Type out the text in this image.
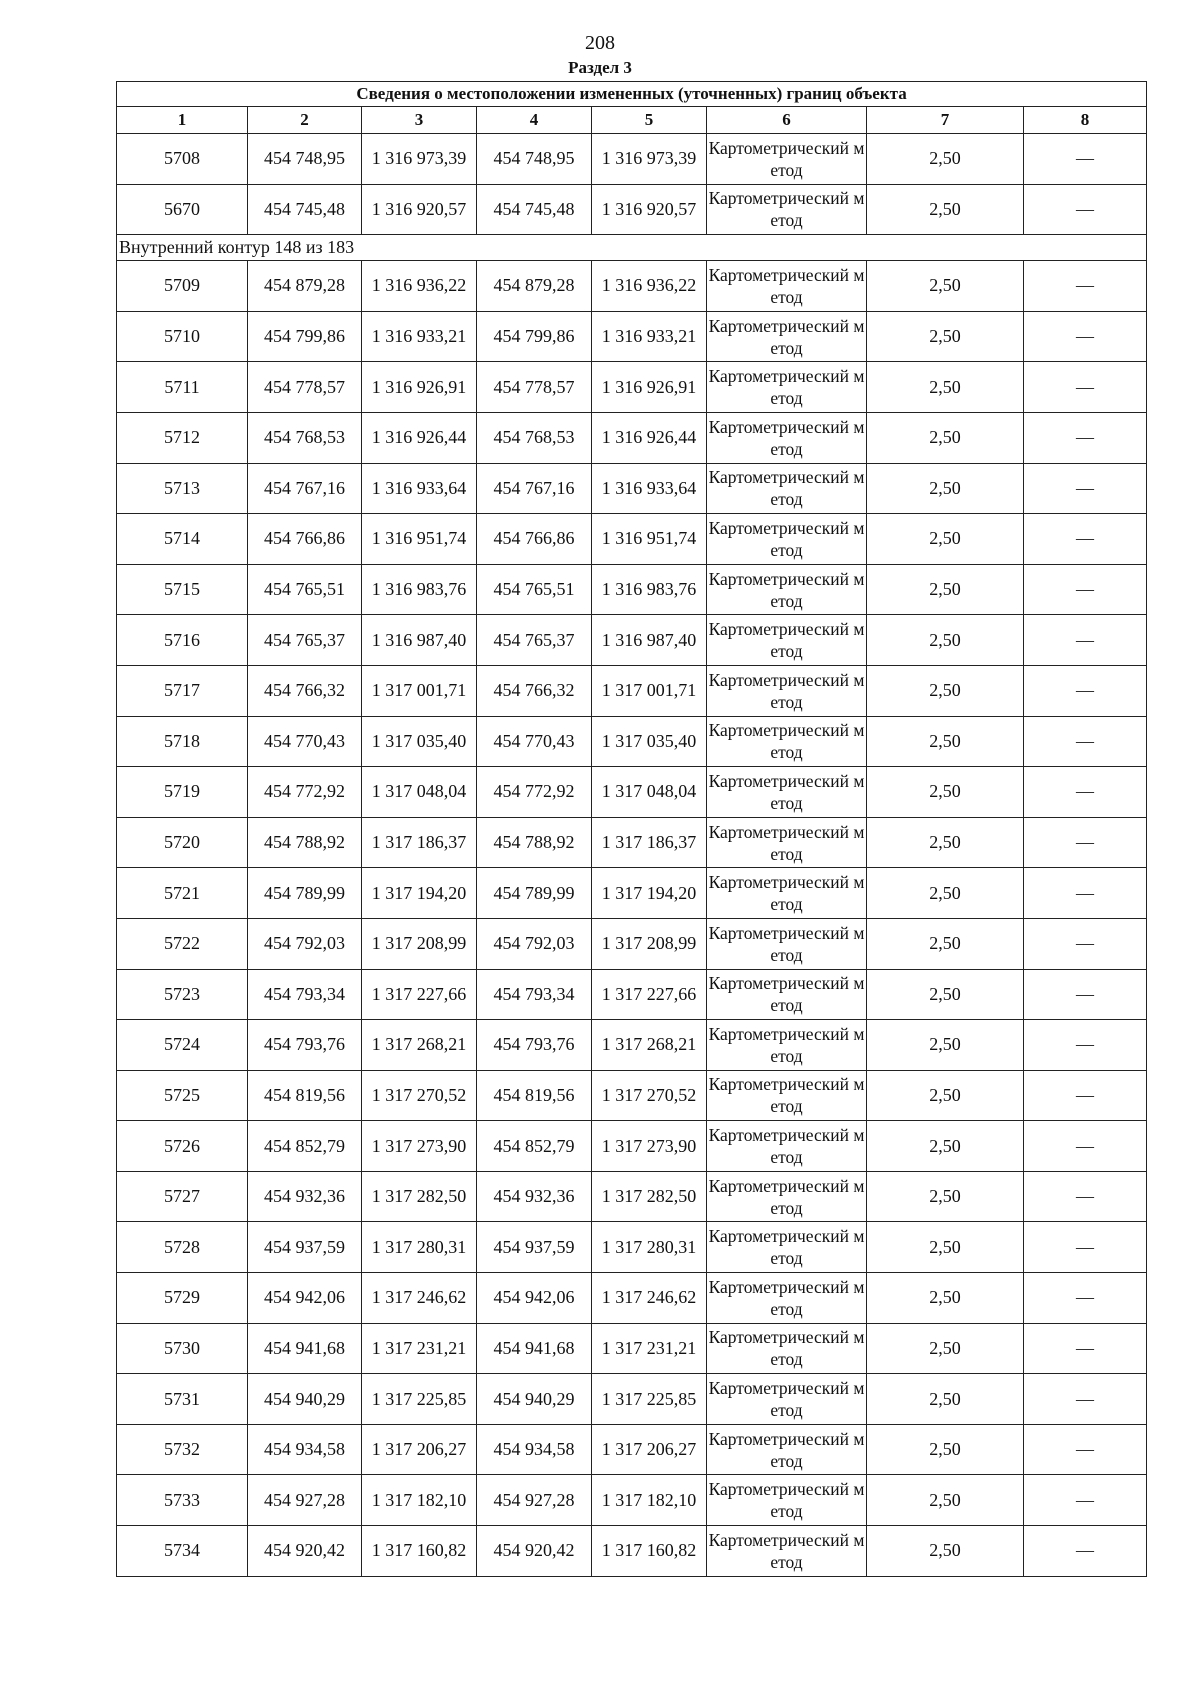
208
Раздел 3
Сведения о местоположении измененных (уточненных) границ объекта							
1	2	3	4	5	6	7	8
5708	454 748,95	1 316 973,39	454 748,95	1 316 973,39	Картометрический метод	2,50	—
5670	454 745,48	1 316 920,57	454 745,48	1 316 920,57	Картометрический метод	2,50	—
Внутренний контур 148 из 183							
5709	454 879,28	1 316 936,22	454 879,28	1 316 936,22	Картометрический метод	2,50	—
5710	454 799,86	1 316 933,21	454 799,86	1 316 933,21	Картометрический метод	2,50	—
5711	454 778,57	1 316 926,91	454 778,57	1 316 926,91	Картометрический метод	2,50	—
5712	454 768,53	1 316 926,44	454 768,53	1 316 926,44	Картометрический метод	2,50	—
5713	454 767,16	1 316 933,64	454 767,16	1 316 933,64	Картометрический метод	2,50	—
5714	454 766,86	1 316 951,74	454 766,86	1 316 951,74	Картометрический метод	2,50	—
5715	454 765,51	1 316 983,76	454 765,51	1 316 983,76	Картометрический метод	2,50	—
5716	454 765,37	1 316 987,40	454 765,37	1 316 987,40	Картометрический метод	2,50	—
5717	454 766,32	1 317 001,71	454 766,32	1 317 001,71	Картометрический метод	2,50	—
5718	454 770,43	1 317 035,40	454 770,43	1 317 035,40	Картометрический метод	2,50	—
5719	454 772,92	1 317 048,04	454 772,92	1 317 048,04	Картометрический метод	2,50	—
5720	454 788,92	1 317 186,37	454 788,92	1 317 186,37	Картометрический метод	2,50	—
5721	454 789,99	1 317 194,20	454 789,99	1 317 194,20	Картометрический метод	2,50	—
5722	454 792,03	1 317 208,99	454 792,03	1 317 208,99	Картометрический метод	2,50	—
5723	454 793,34	1 317 227,66	454 793,34	1 317 227,66	Картометрический метод	2,50	—
5724	454 793,76	1 317 268,21	454 793,76	1 317 268,21	Картометрический метод	2,50	—
5725	454 819,56	1 317 270,52	454 819,56	1 317 270,52	Картометрический метод	2,50	—
5726	454 852,79	1 317 273,90	454 852,79	1 317 273,90	Картометрический метод	2,50	—
5727	454 932,36	1 317 282,50	454 932,36	1 317 282,50	Картометрический метод	2,50	—
5728	454 937,59	1 317 280,31	454 937,59	1 317 280,31	Картометрический метод	2,50	—
5729	454 942,06	1 317 246,62	454 942,06	1 317 246,62	Картометрический метод	2,50	—
5730	454 941,68	1 317 231,21	454 941,68	1 317 231,21	Картометрический метод	2,50	—
5731	454 940,29	1 317 225,85	454 940,29	1 317 225,85	Картометрический метод	2,50	—
5732	454 934,58	1 317 206,27	454 934,58	1 317 206,27	Картометрический метод	2,50	—
5733	454 927,28	1 317 182,10	454 927,28	1 317 182,10	Картометрический метод	2,50	—
5734	454 920,42	1 317 160,82	454 920,42	1 317 160,82	Картометрический метод	2,50	—
